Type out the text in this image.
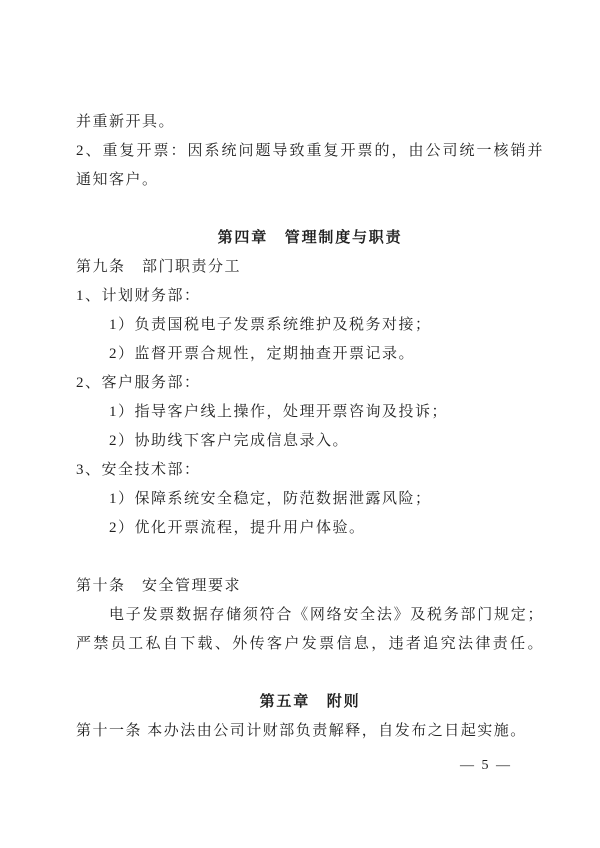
并重新开具。
2、重复开票：因系统问题导致重复开票的，由公司统一核销并
通知客户。
第四章　管理制度与职责
第九条　部门职责分工
1、计划财务部：
1）负责国税电子发票系统维护及税务对接；
2）监督开票合规性，定期抽查开票记录。
2、客户服务部：
1）指导客户线上操作，处理开票咨询及投诉；
2）协助线下客户完成信息录入。
3、安全技术部：
1）保障系统安全稳定，防范数据泄露风险；
2）优化开票流程，提升用户体验。
第十条　安全管理要求
电子发票数据存储须符合《网络安全法》及税务部门规定；
严禁员工私自下载、外传客户发票信息，违者追究法律责任。
第五章　附则
第十一条 本办法由公司计财部负责解释，自发布之日起实施。
— 5 —
